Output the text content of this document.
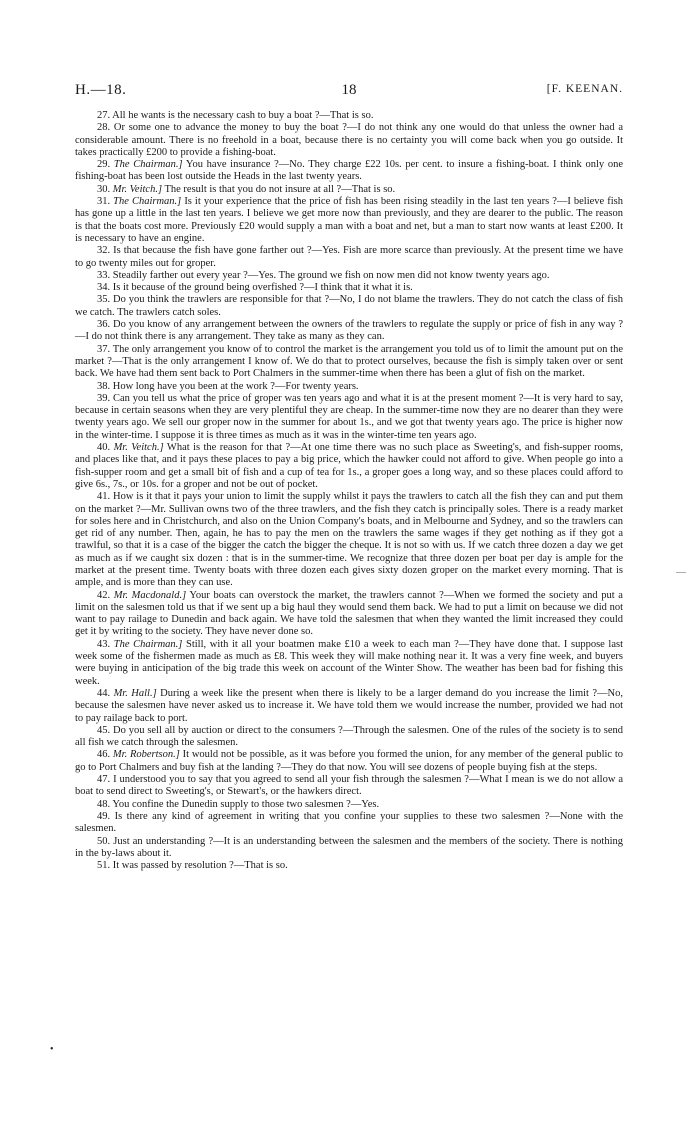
H.—18.	18	[F. KEENAN.

27. All he wants is the necessary cash to buy a boat ?—That is so.

28. Or some one to advance the money to buy the boat ?—I do not think any one would do that unless the owner had a considerable amount. There is no freehold in a boat, because there is no certainty you will come back when you go outside. It takes practically £200 to provide a fishing-boat.

29. The Chairman.] You have insurance ?—No. They charge £22 10s. per cent. to insure a fishing-boat. I think only one fishing-boat has been lost outside the Heads in the last twenty years.

30. Mr. Veitch.] The result is that you do not insure at all ?—That is so.

31. The Chairman.] Is it your experience that the price of fish has been rising steadily in the last ten years ?—I believe fish has gone up a little in the last ten years. I believe we get more now than previously, and they are dearer to the public. The reason is that the boats cost more. Previously £20 would supply a man with a boat and net, but a man to start now wants at least £200. It is necessary to have an engine.

32. Is that because the fish have gone farther out ?—Yes. Fish are more scarce than previously. At the present time we have to go twenty miles out for groper.

33. Steadily farther out every year ?—Yes. The ground we fish on now men did not know twenty years ago.

34. Is it because of the ground being overfished ?—I think that it what it is.

35. Do you think the trawlers are responsible for that ?—No, I do not blame the trawlers. They do not catch the class of fish we catch. The trawlers catch soles.

36. Do you know of any arrangement between the owners of the trawlers to regulate the supply or price of fish in any way ?—I do not think there is any arrangement. They take as many as they can.

37. The only arrangement you know of to control the market is the arrangement you told us of to limit the amount put on the market ?—That is the only arrangement I know of. We do that to protect ourselves, because the fish is simply taken over or sent back. We have had them sent back to Port Chalmers in the summer-time when there has been a glut of fish on the market.

38. How long have you been at the work ?—For twenty years.

39. Can you tell us what the price of groper was ten years ago and what it is at the present moment ?—It is very hard to say, because in certain seasons when they are very plentiful they are cheap. In the summer-time now they are no dearer than they were twenty years ago. We sell our groper now in the summer for about 1s., and we got that twenty years ago. The price is higher now in the winter-time. I suppose it is three times as much as it was in the winter-time ten years ago.

40. Mr. Veitch.] What is the reason for that ?—At one time there was no such place as Sweeting's, and fish-supper rooms, and places like that, and it pays these places to pay a big price, which the hawker could not afford to give. When people go into a fish-supper room and get a small bit of fish and a cup of tea for 1s., a groper goes a long way, and so these places could afford to give 6s., 7s., or 10s. for a groper and not be out of pocket.

41. How is it that it pays your union to limit the supply whilst it pays the trawlers to catch all the fish they can and put them on the market ?—Mr. Sullivan owns two of the three trawlers, and the fish they catch is principally soles. There is a ready market for soles here and in Christchurch, and also on the Union Company's boats, and in Melbourne and Sydney, and so the trawlers can get rid of any number. Then, again, he has to pay the men on the trawlers the same wages if they get nothing as if they got a trawlful, so that it is a case of the bigger the catch the bigger the cheque. It is not so with us. If we catch three dozen a day we get as much as if we caught six dozen : that is in the summer-time. We recognize that three dozen per boat per day is ample for the market at the present time. Twenty boats with three dozen each gives sixty dozen groper on the market every morning. That is ample, and is more than they can use.

42. Mr. Macdonald.] Your boats can overstock the market, the trawlers cannot ?—When we formed the society and put a limit on the salesmen told us that if we sent up a big haul they would send them back. We had to put a limit on because we did not want to pay railage to Dunedin and back again. We have told the salesmen that when they wanted the limit increased they could get it by writing to the society. They have never done so.

43. The Chairman.] Still, with it all your boatmen make £10 a week to each man ?—They have done that. I suppose last week some of the fishermen made as much as £8. This week they will make nothing near it. It was a very fine week, and buyers were buying in anticipation of the big trade this week on account of the Winter Show. The weather has been bad for fishing this week.

44. Mr. Hall.] During a week like the present when there is likely to be a larger demand do you increase the limit ?—No, because the salesmen have never asked us to increase it. We have told them we would increase the number, provided we had not to pay railage back to port.

45. Do you sell all by auction or direct to the consumers ?—Through the salesmen. One of the rules of the society is to send all fish we catch through the salesmen.

46. Mr. Robertson.] It would not be possible, as it was before you formed the union, for any member of the general public to go to Port Chalmers and buy fish at the landing ?—They do that now. You will see dozens of people buying fish at the steps.

47. I understood you to say that you agreed to send all your fish through the salesmen ?—What I mean is we do not allow a boat to send direct to Sweeting's, or Stewart's, or the hawkers direct.

48. You confine the Dunedin supply to those two salesmen ?—Yes.

49. Is there any kind of agreement in writing that you confine your supplies to these two salesmen ?—None with the salesmen.

50. Just an understanding ?—It is an understanding between the salesmen and the members of the society. There is nothing in the by-laws about it.

51. It was passed by resolution ?—That is so.

—
•
